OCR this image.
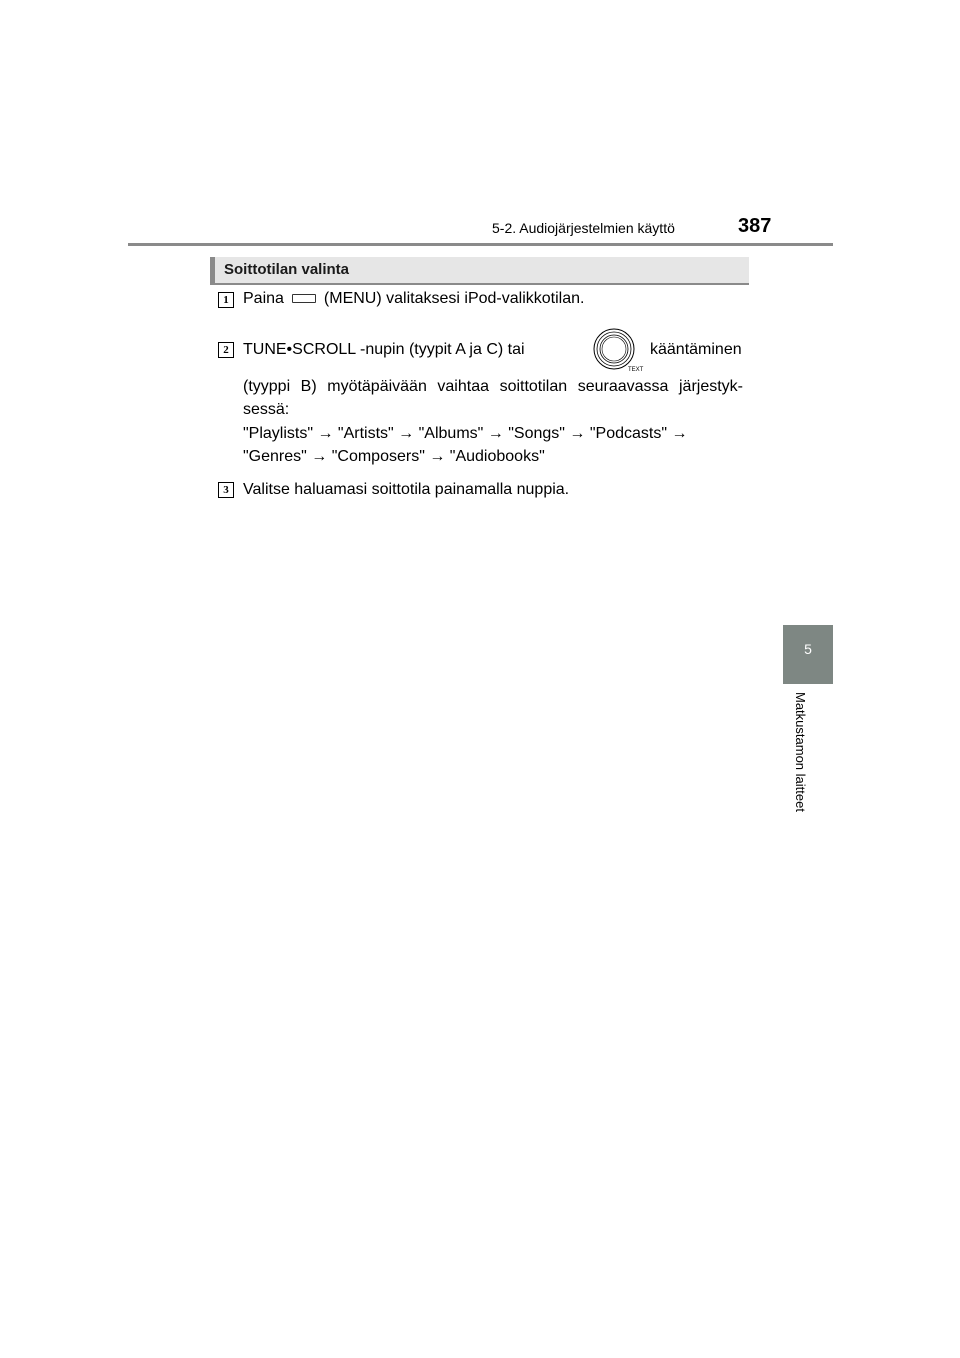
5-2. Audiojärjestelmien käyttö	387
5
Matkustamon laitteet
Soittotilan valinta
1 Paina	(MENU) valitaksesi iPod-valikkotilan.
2 TUNE•SCROLL -nupin (tyypit A ja C) tai
TEXT
kääntäminen
(tyyppi B) myötäpäivään vaihtaa soittotilan seuraavassa järjestyk-
sessä:
"Playlists" → "Artists" → "Albums" → "Songs" → "Podcasts" →
"Genres" → "Composers" → "Audiobooks"
3 Valitse haluamasi soittotila painamalla nuppia.
